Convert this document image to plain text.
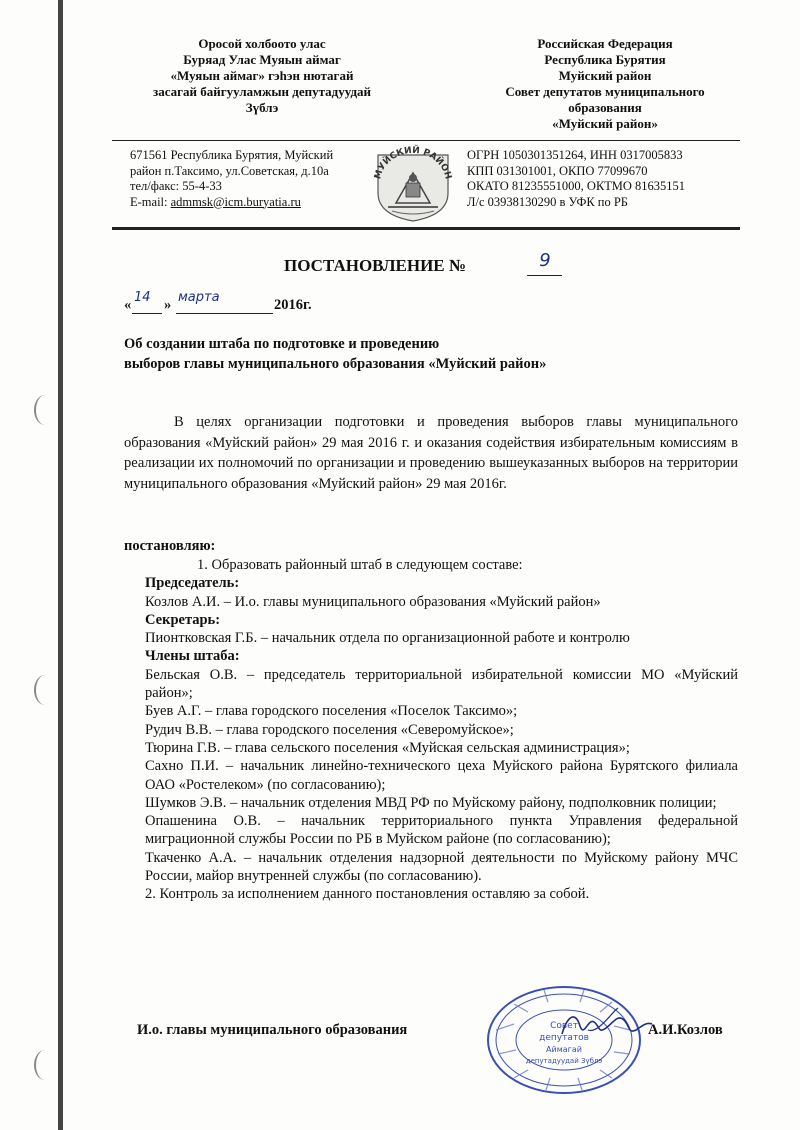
Оросой холбоото улас
Буряад Улас Муяын аймаг
«Муяын аймаг» гэһэн нютагай
засагай байгууламжын депутадуудай
Зүблэ
Российская Федерация
Республика Бурятия
Муйский район
Совет депутатов муниципального
образования
«Муйский район»
671561 Республика Бурятия, Муйский
район п.Таксимо, ул.Советская, д.10а
тел/факс: 55-4-33
E-mail: admmsk@icm.buryatia.ru
МУЙСКИЙ РАЙОН
ОГРН 1050301351264, ИНН 0317005833
КПП 031301001, ОКПО 77099670
ОКАТО 81235551000, ОКТМО 81635151
Л/с 03938130290 в УФК по РБ
ПОСТАНОВЛЕНИЕ №	9
« 14 » марта	2016г.
Об создании штаба по подготовке и проведению
выборов главы муниципального образования «Муйский район»
В целях организации подготовки и проведения выборов главы муниципального образования «Муйский район» 29 мая 2016 г. и оказания содействия избирательным комиссиям в реализации их полномочий по организации и проведению вышеуказанных выборов на территории муниципального образования «Муйский район» 29 мая 2016г.
постановляю:
1. Образовать районный штаб в следующем составе:
Председатель:
Козлов А.И. – И.о. главы муниципального образования «Муйский район»
Секретарь:
Пионтковская Г.Б. – начальник отдела по организационной работе и контролю
Члены штаба:
Бельская О.В. – председатель территориальной избирательной комиссии МО «Муйский район»;
Буев А.Г. – глава городского поселения «Поселок Таксимо»;
Рудич В.В. – глава городского поселения «Северомуйское»;
Тюрина Г.В. – глава сельского поселения «Муйская сельская администрация»;
Сахно П.И. – начальник линейно-технического цеха Муйского района Бурятского филиала ОАО «Ростелеком» (по согласованию);
Шумков Э.В. – начальник отделения МВД РФ по Муйскому району, подполковник полиции;
Опашенина О.В. – начальник территориального пункта Управления федеральной миграционной службы России по РБ в Муйском районе (по согласованию);
Ткаченко А.А. – начальник отделения надзорной деятельности по Муйскому району МЧС России, майор внутренней службы (по согласованию).
2. Контроль за исполнением данного постановления оставляю за собой.
Совет
депутатов
Аймагай
депутадуудай Зүблэ
И.о. главы муниципального образования	А.И.Козлов
